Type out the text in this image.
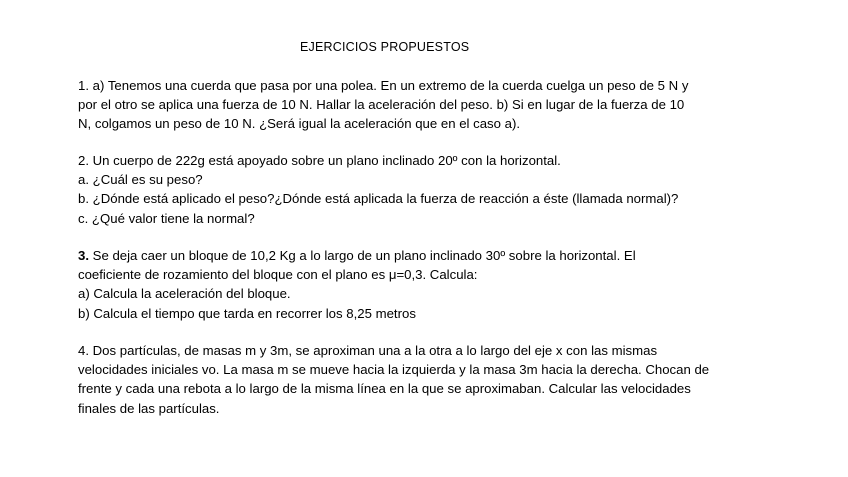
EJERCICIOS PROPUESTOS
1. a) Tenemos una cuerda que pasa por una polea. En un extremo de la cuerda cuelga un peso de 5 N y
por el otro se aplica una fuerza de 10 N. Hallar la aceleración del peso. b) Si en lugar de la fuerza de 10
N, colgamos un peso de 10 N. ¿Será igual la aceleración que en el caso a).
2. Un cuerpo de 222g está apoyado sobre un plano inclinado 20º con la horizontal.
a. ¿Cuál es su peso?
b. ¿Dónde está aplicado el peso?¿Dónde está aplicada la fuerza de reacción a éste (llamada normal)?
c. ¿Qué valor tiene la normal?
3. Se deja caer un bloque de 10,2 Kg a lo largo de un plano inclinado 30º sobre la horizontal. El
coeficiente de rozamiento del bloque con el plano es μ=0,3. Calcula:
a) Calcula la aceleración del bloque.
b) Calcula el tiempo que tarda en recorrer los 8,25 metros
4. Dos partículas, de masas m y 3m, se aproximan una a la otra a lo largo del eje x con las mismas
velocidades iniciales vo. La masa m se mueve hacia la izquierda y la masa 3m hacia la derecha. Chocan de
frente y cada una rebota a lo largo de la misma línea en la que se aproximaban. Calcular las velocidades
finales de las partículas.
